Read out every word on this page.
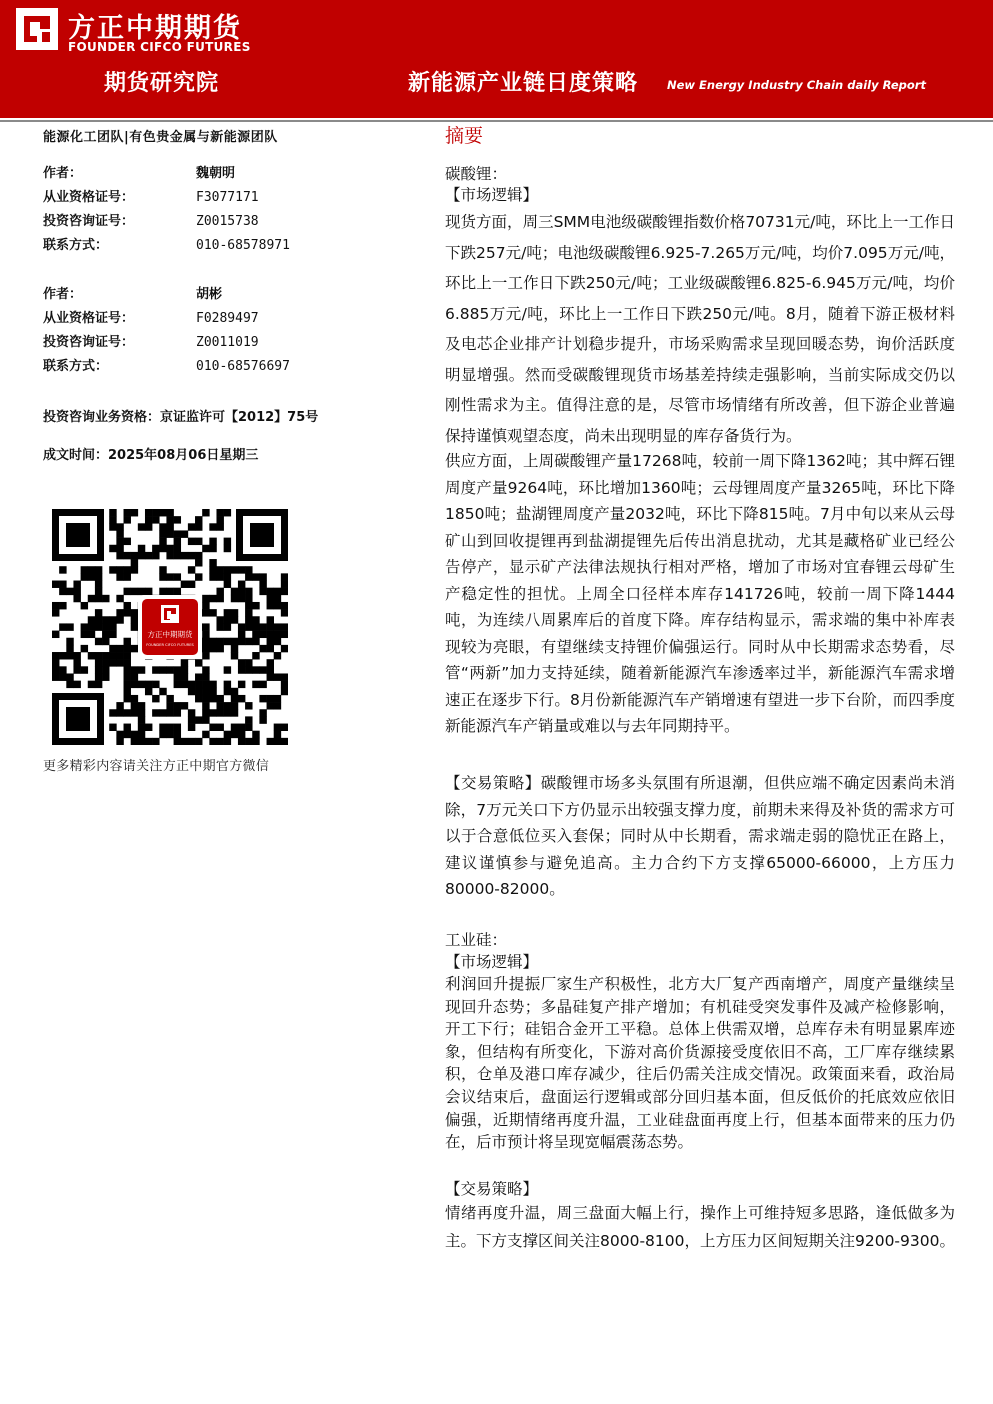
方正中期期货
FOUNDER CIFCO FUTURES
期货研究院	新能源产业链日度策略	New Energy Industry Chain daily Report
能源化工团队|有色贵金属与新能源团队
作者：	魏朝明
从业资格证号：	F3077171
投资咨询证号：	Z0015738
联系方式：	010-68578971
作者：	胡彬
从业资格证号：	F0289497
投资咨询证号：	Z0011019
联系方式：	010-68576697
投资咨询业务资格：京证监许可【2012】75号
成文时间：2025年08月06日星期三
方正中期期货
FOUNDER CIFCO FUTURES
更多精彩内容请关注方正中期官方微信
摘要
碳酸锂：
【市场逻辑】
现货方面，周三SMM电池级碳酸锂指数价格70731元/吨，环比上一工作日下跌257元/吨；电池级碳酸锂6.925-7.265万元/吨，均价7.095万元/吨，环比上一工作日下跌250元/吨；工业级碳酸锂6.825-6.945万元/吨，均价6.885万元/吨，环比上一工作日下跌250元/吨。8月，随着下游正极材料及电芯企业排产计划稳步提升，市场采购需求呈现回暖态势，询价活跃度明显增强。然而受碳酸锂现货市场基差持续走强影响，当前实际成交仍以刚性需求为主。值得注意的是，尽管市场情绪有所改善，但下游企业普遍保持谨慎观望态度，尚未出现明显的库存备货行为。
供应方面，上周碳酸锂产量17268吨，较前一周下降1362吨；其中辉石锂周度产量9264吨，环比增加1360吨；云母锂周度产量3265吨，环比下降1850吨；盐湖锂周度产量2032吨，环比下降815吨。7月中旬以来从云母矿山到回收提锂再到盐湖提锂先后传出消息扰动，尤其是藏格矿业已经公告停产，显示矿产法律法规执行相对严格，增加了市场对宜春锂云母矿生产稳定性的担忧。上周全口径样本库存141726吨，较前一周下降1444吨，为连续八周累库后的首度下降。库存结构显示，需求端的集中补库表现较为亮眼，有望继续支持锂价偏强运行。同时从中长期需求态势看，尽管“两新”加力支持延续，随着新能源汽车渗透率过半，新能源汽车需求增速正在逐步下行。8月份新能源汽车产销增速有望进一步下台阶，而四季度新能源汽车产销量或难以与去年同期持平。
【交易策略】碳酸锂市场多头氛围有所退潮，但供应端不确定因素尚未消除，7万元关口下方仍显示出较强支撑力度，前期未来得及补货的需求方可以于合意低位买入套保；同时从中长期看，需求端走弱的隐忧正在路上，建议谨慎参与避免追高。主力合约下方支撑65000-66000，上方压力80000-82000。
工业硅：
【市场逻辑】
利润回升提振厂家生产积极性，北方大厂复产西南增产，周度产量继续呈现回升态势；多晶硅复产排产增加；有机硅受突发事件及减产检修影响，开工下行；硅铝合金开工平稳。总体上供需双增，总库存未有明显累库迹象，但结构有所变化，下游对高价货源接受度依旧不高，工厂库存继续累积，仓单及港口库存减少，往后仍需关注成交情况。政策面来看，政治局会议结束后，盘面运行逻辑或部分回归基本面，但反低价的托底效应依旧偏强，近期情绪再度升温，工业硅盘面再度上行，但基本面带来的压力仍在，后市预计将呈现宽幅震荡态势。
【交易策略】
情绪再度升温，周三盘面大幅上行，操作上可维持短多思路，逢低做多为主。下方支撑区间关注8000-8100，上方压力区间短期关注9200-9300。
